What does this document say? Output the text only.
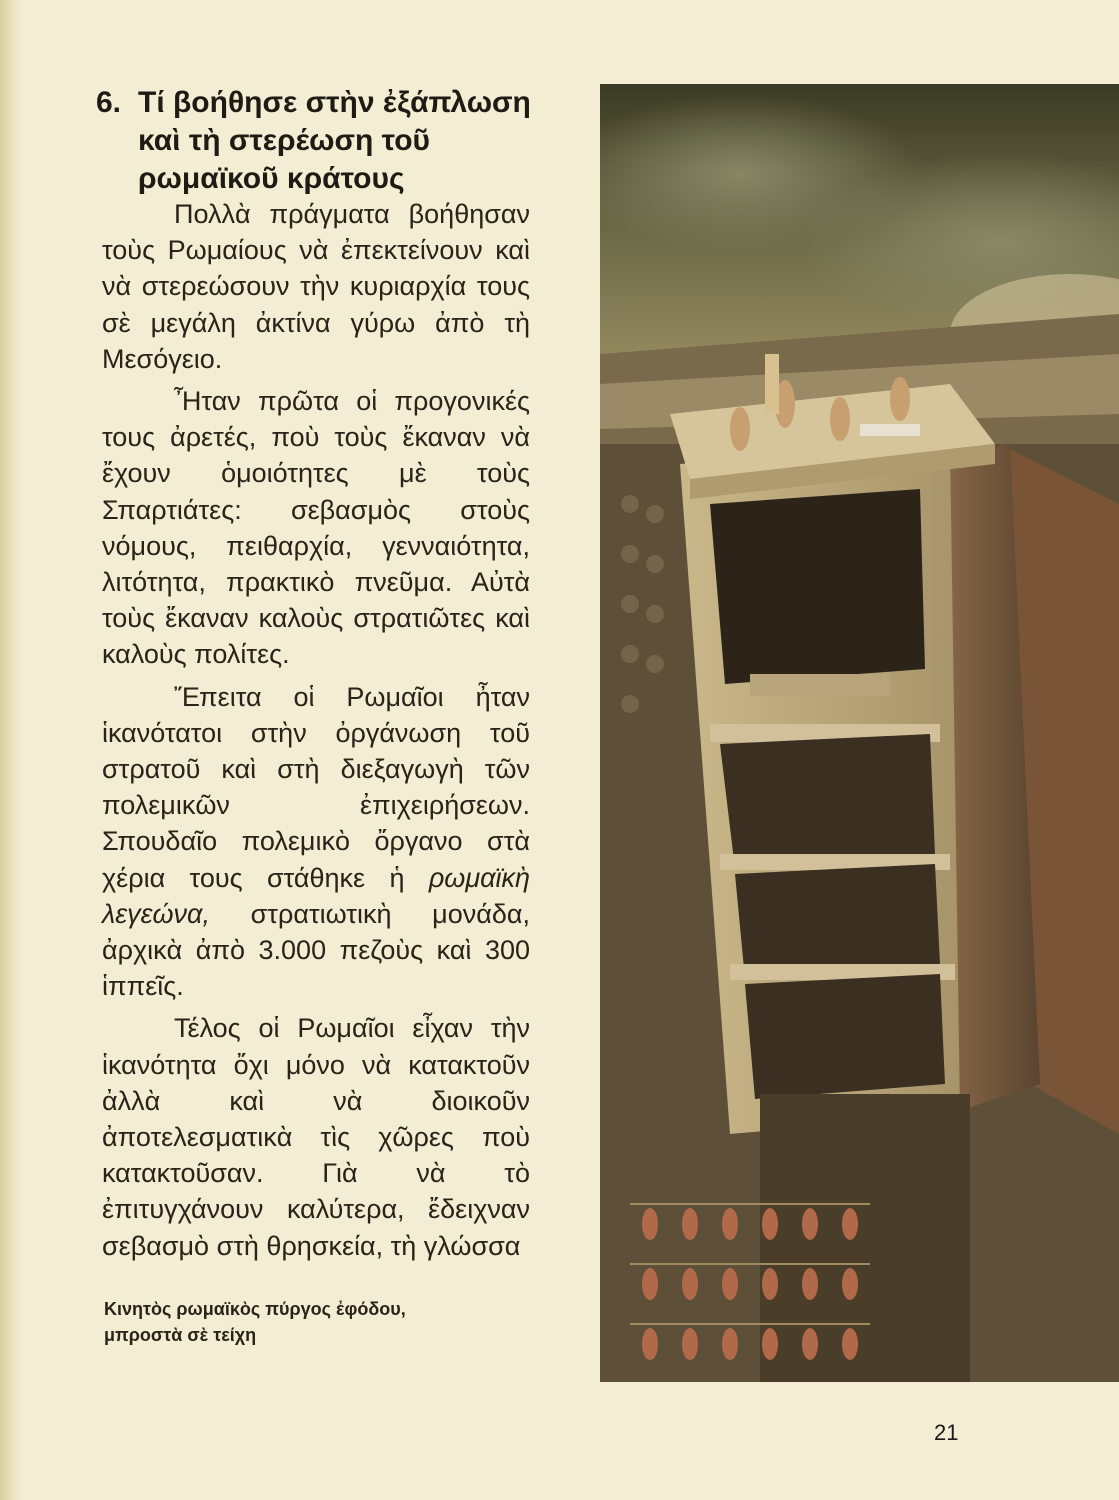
6. Τί βοήθησε στὴν ἐξάπλωση καὶ τὴ στερέωση τοῦ ρωμαϊκοῦ κράτους

Πολλὰ πράγματα βοήθησαν τοὺς Ρωμαίους νὰ ἐπεκτείνουν καὶ νὰ στερεώσουν τὴν κυριαρχία τους σὲ μεγάλη ἀκτίνα γύρω ἀπὸ τὴ Μεσόγειο.

Ἦταν πρῶτα οἱ προγονικές τους ἀρετές, ποὺ τοὺς ἔκαναν νὰ ἔχουν ὁμοιότητες μὲ τοὺς Σπαρτιάτες: σεβασμὸς στοὺς νόμους, πειθαρχία, γενναιότητα, λιτότητα, πρακτικὸ πνεῦμα. Αὐτὰ τοὺς ἔκαναν καλοὺς στρατιῶτες καὶ καλοὺς πολίτες.

Ἔπειτα οἱ Ρωμαῖοι ἦταν ἱκανότατοι στὴν ὀργάνωση τοῦ στρατοῦ καὶ στὴ διεξαγωγὴ τῶν πολεμικῶν ἐπιχειρήσεων. Σπουδαῖο πολεμικὸ ὄργανο στὰ χέρια τους στάθηκε ἡ ρωμαϊκὴ λεγεώνα, στρατιωτικὴ μονάδα, ἀρχικὰ ἀπὸ 3.000 πεζοὺς καὶ 300 ἱππεῖς.

Τέλος οἱ Ρωμαῖοι εἶχαν τὴν ἱκανότητα ὄχι μόνο νὰ κατακτοῦν ἀλλὰ καὶ νὰ διοικοῦν ἀποτελεσματικὰ τὶς χῶρες ποὺ κατακτοῦσαν. Γιὰ νὰ τὸ ἐπιτυγχάνουν καλύτερα, ἔδειχναν σεβασμὸ στὴ θρησκεία, τὴ γλώσσα

Κινητὸς ρωμαϊκὸς πύργος ἐφόδου, μπροστὰ σὲ τείχη
21
